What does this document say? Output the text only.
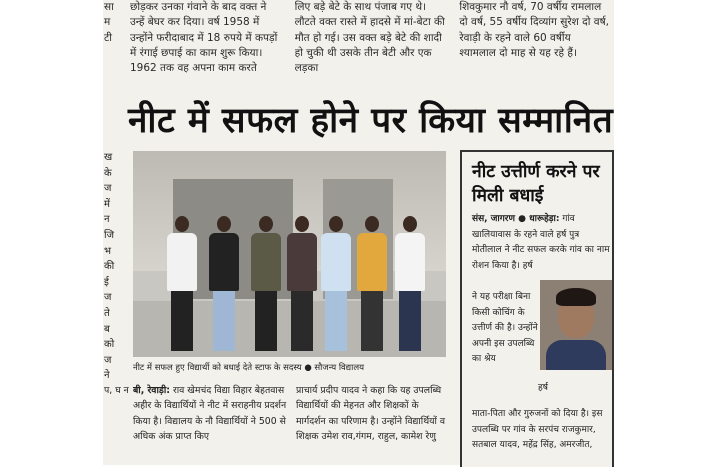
सा म टी
छोड़कर उनका गंवाने के बाद वक्त ने उन्हें बेघर कर दिया। वर्ष 1958 में उन्होंने फरीदाबाद में 18 रुपये में कपड़ों में रंगाई छपाई का काम शुरू किया। 1962 तक वह अपना काम करते
लिए बड़े बेटे के साथ पंजाब गए थे। लौटते वक्त रास्ते में हादसे में मां-बेटा की मौत हो गई। उस वक्त बड़े बेटे की शादी हो चुकी थी उसके तीन बेटी और एक लड़का
शिवकुमार नौ वर्ष, 70 वर्षीय रामलाल दो वर्ष, 55 वर्षीय दिव्यांग सुरेश दो वर्ष, रेवाड़ी के रहने वाले 60 वर्षीय श्यामलाल दो माह से यह रहे हैं।
नीट में सफल होने पर किया सम्मानित
ख
के
ज
में
न
जि
भ
की
ई
ज
ते
ब
को
ज
ने
नीट में सफल हुए विद्यार्थी को बधाई देते स्टाफ के सदस्य ● सौजन्य विद्यालय
नीट उत्तीर्ण करने पर मिली बधाई
संस, जागरण ● धारूहेड़ा: गांव खालियावास के रहने वाले हर्ष पुत्र मोतीलाल ने नीट सफल करके गांव का नाम रोशन किया है। हर्ष
ने यह परीक्षा बिना किसी कोचिंग के उत्तीर्ण की है। उन्होंने अपनी इस उपलब्धि का श्रेय
हर्ष
माता-पिता और गुरुजनों को दिया है। इस उपलब्धि पर गांव के सरपंच राजकुमार, सतबाल यादव, महेंद्र सिंह, अमरजीत,
प, घ न बी, रेवाड़ी: राव खेमचंद विद्या विहार बेहतवास अहीर के विद्यार्थियों ने नीट में सराहनीय प्रदर्शन किया है। विद्यालय के नौ विद्यार्थियों ने 500 से अधिक अंक प्राप्त किए
प्राचार्य प्रदीप यादव ने कहा कि यह उपलब्धि विद्यार्थियों की मेहनत और शिक्षकों के मार्गदर्शन का परिणाम है। उन्होंने विद्यार्थियों व शिक्षक उमेश राव,गंगम, राहुल, कामेश रेणु
